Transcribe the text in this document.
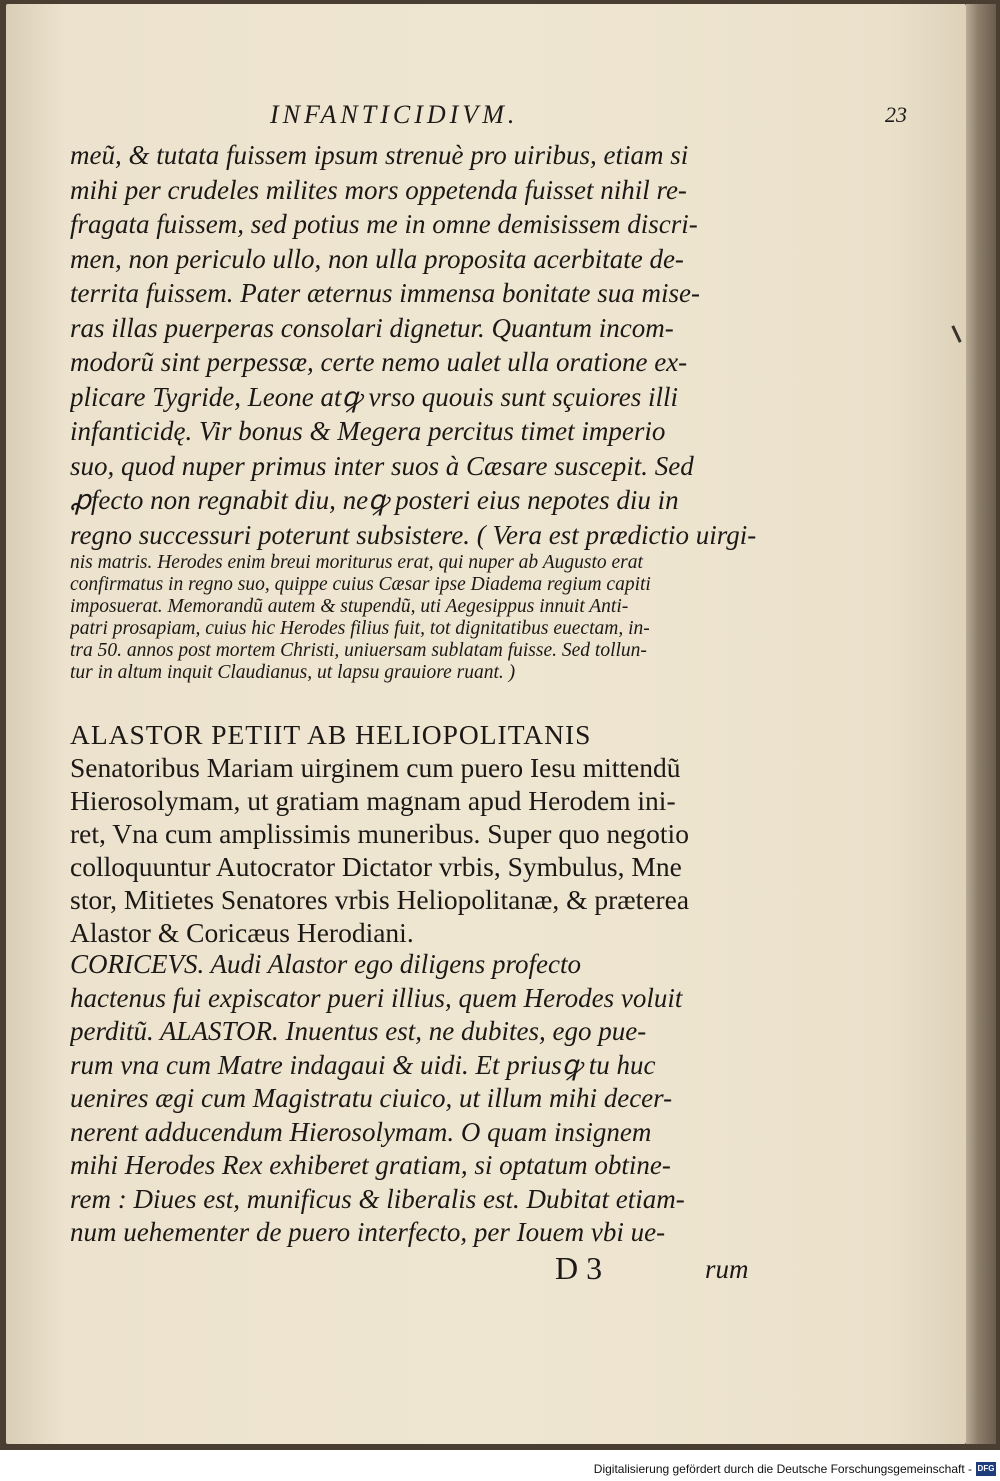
INFANTICIDIVM.	23
meũ, & tutata fuissem ipsum strenuè pro uiribus, etiam si
mihi per crudeles milites mors oppetenda fuisset nihil re-
fragata fuissem, sed potius me in omne demisissem discri-
men, non periculo ullo, non ulla proposita acerbitate de-
territa fuissem. Pater æternus immensa bonitate sua mise-
ras illas puerperas consolari dignetur. Quantum incom-
modorũ sint perpessæ, certe nemo ualet ulla oratione ex-
plicare Tygride, Leone atꝙ vrso quouis sunt sçuiores illi
infanticidę. Vir bonus & Megera percitus timet imperio
suo, quod nuper primus inter suos à Cæsare suscepit. Sed
ꝓfecto non regnabit diu, neꝙ posteri eius nepotes diu in
regno successuri poterunt subsistere. ( Vera est prædictio uirgi-
nis matris. Herodes enim breui moriturus erat, qui nuper ab Augusto erat
confirmatus in regno suo, quippe cuius Cæsar ipse Diadema regium capiti
imposuerat. Memorandũ autem & stupendũ, uti Aegesippus innuit Anti-
patri prosapiam, cuius hic Herodes filius fuit, tot dignitatibus euectam, in-
tra 50. annos post mortem Christi, uniuersam sublatam fuisse. Sed tollun-
tur in altum inquit Claudianus, ut lapsu grauiore ruant. )
ALASTOR PETIIT AB HELIOPOLITANIS
Senatoribus Mariam uirginem cum puero Iesu mittendũ
Hierosolymam, ut gratiam magnam apud Herodem ini-
ret, Vna cum amplissimis muneribus. Super quo negotio
colloquuntur Autocrator Dictator vrbis, Symbulus, Mne
stor, Mitietes Senatores vrbis Heliopolitanæ, & præterea
Alastor & Coricæus Herodiani.
CORICEVS. Audi Alastor ego diligens profecto
hactenus fui expiscator pueri illius, quem Herodes voluit
perditũ. ALASTOR. Inuentus est, ne dubites, ego pue-
rum vna cum Matre indagaui & uidi. Et priusꝙ tu huc
uenires ægi cum Magistratu ciuico, ut illum mihi decer-
nerent adducendum Hierosolymam. O quam insignem
mihi Herodes Rex exhiberet gratiam, si optatum obtine-
rem : Diues est, munificus & liberalis est. Dubitat etiam-
num uehementer de puero interfecto, per Iouem vbi ue-
D 3	rum
Digitalisierung gefördert durch die Deutsche Forschungsgemeinschaft - DFG
